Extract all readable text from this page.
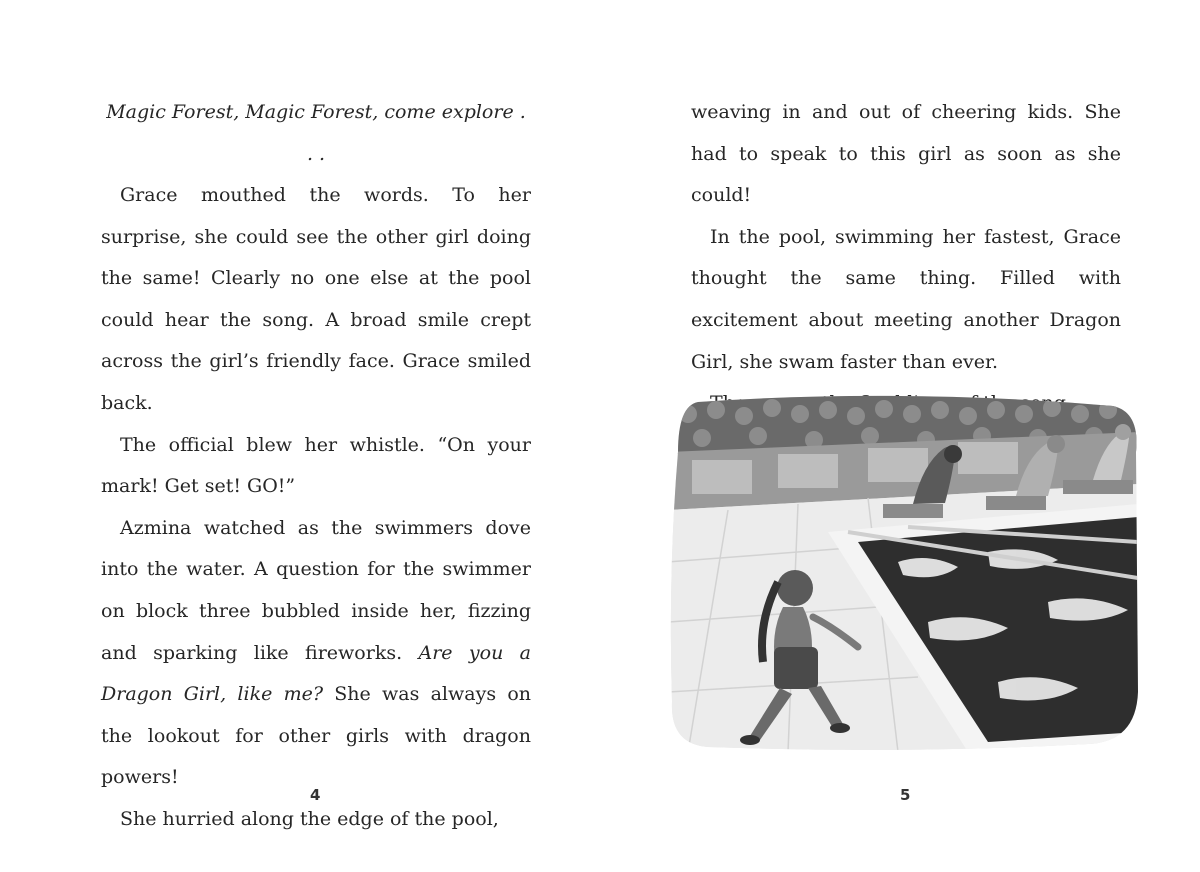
Magic Forest, Magic Forest, come explore . . .

Grace mouthed the words. To her surprise, she could see the other girl doing the same! Clearly no one else at the pool could hear the song. A broad smile crept across the girl’s friendly face. Grace smiled back.

The official blew her whistle. “On your mark! Get set! GO!”

Azmina watched as the swimmers dove into the water. A question for the swimmer on block three bubbled inside her, fizzing and sparking like fireworks. Are you a Dragon Girl, like me? She was always on the lookout for other girls with dragon powers!

She hurried along the edge of the pool,

4

weaving in and out of cheering kids. She had to speak to this girl as soon as she could!

In the pool, swimming her fastest, Grace thought the same thing. Filled with excitement about meeting another Dragon Girl, she swam faster than ever.

5
